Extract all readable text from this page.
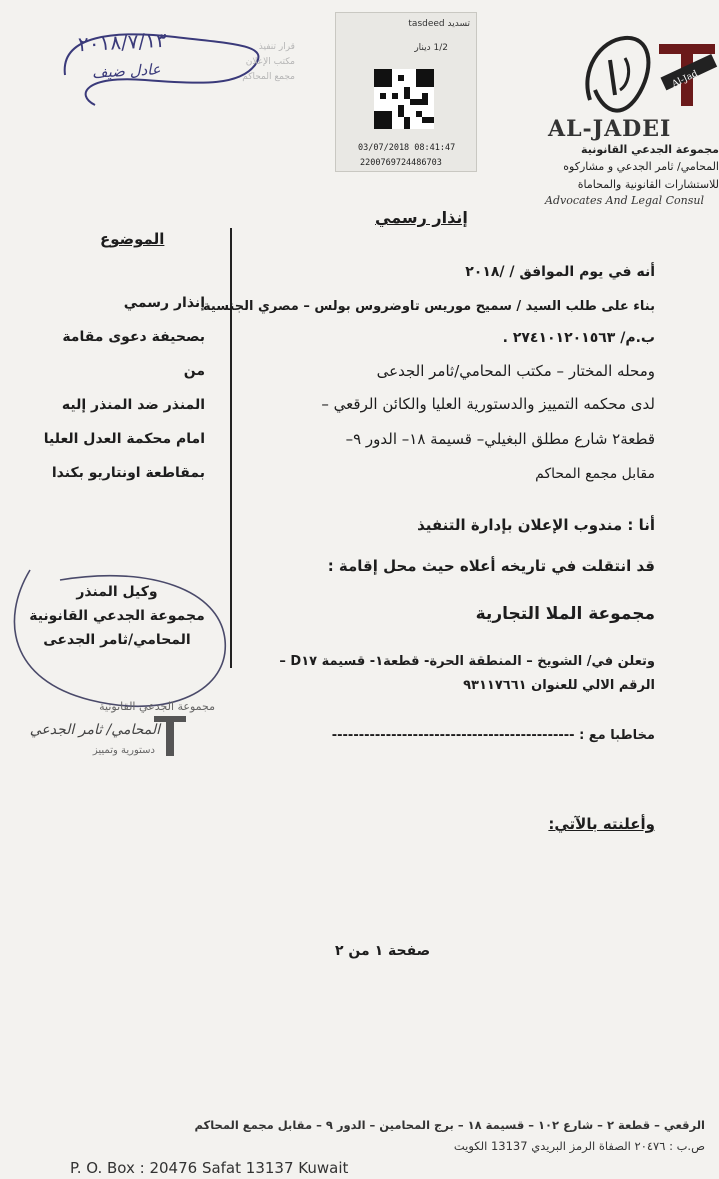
٢٠١٨/٧/١٣
عادل ضيف
قرار تنفيذ
مكتب الإعلان
مجمع المحاكم
تسديد tasdeed
1/2 دينار
03/07/2018 08:41:47
2200769724486703
Al-Jad
AL-JADEI
مجموعة الجدعي القانونية
المحامي/ ثامر الجدعي و مشاركوه
للاستشارات القانونية والمحاماة
Advocates And Legal Consul
إنذار رسمي
الموضوع
إنذار رسمي
بصحيفة دعوى مقامة من
المنذر ضد المنذر إليه
امام محكمة العدل العليا
بمقاطعة اونتاريو بكندا
وكيل المنذر
مجموعة الجدعي القانونية
المحامي/ثامر الجدعى
مجموعة الجدعي القانونية
المحامي/ ثامر الجدعي
دستورية وتمييز
أنه في يوم الموافق / /٢٠١٨
بناء على طلب السيد / سميح موريس تاوضروس بولس – مصري الجنسية
ب.م/ ٢٧٤١٠١٢٠١٥٦٣ .
ومحله المختار – مكتب المحامي/ثامر الجدعى
لدى محكمه التمييز والدستورية العليا والكائن الرقعي –
قطعة٢ شارع مطلق البغيلي– قسيمة ١٨– الدور ٩–
مقابل مجمع المحاكم
أنا : مندوب الإعلان بإدارة التنفيذ
قد انتقلت في تاريخه أعلاه حيث محل إقامة :
مجموعة الملا التجارية
وتعلن في/ الشويخ – المنطقة الحرة- قطعة١- قسيمة D١٧ –
الرقم الالي للعنوان ٩٣١١٧٦٦١
مخاطبا مع : ---------------------------------------------
وأعلنته بالآتي:
صفحة ١ من ٢
الرقعي – قطعة ٢ – شارع ١٠٢ – قسيمة ١٨ – برج المحامين – الدور ٩ – مقابل مجمع المحاكم
ص.ب : ٢٠٤٧٦ الصفاة الرمز البريدي 13137 الكويت
P. O. Box : 20476 Safat 13137 Kuwait
